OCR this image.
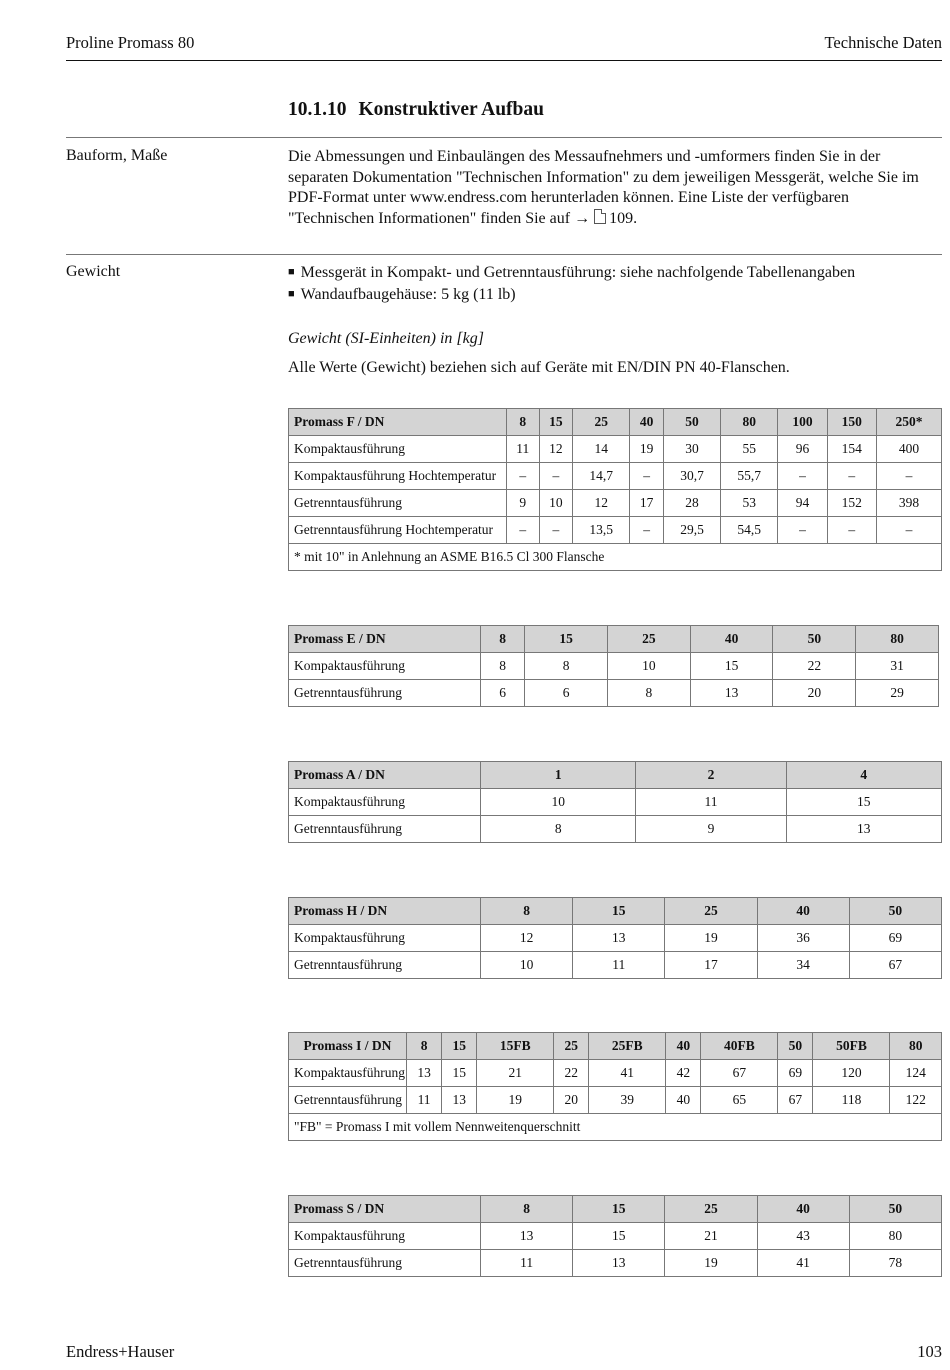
Proline Promass 80	Technische Daten
10.1.10 Konstruktiver Aufbau
Bauform, Maße	Die Abmessungen und Einbaulängen des Messaufnehmers und -umformers finden Sie in der separaten Dokumentation "Technischen Information" zu dem jeweiligen Messgerät, welche Sie im PDF-Format unter www.endress.com herunterladen können. Eine Liste der verfügbaren "Technischen Informationen" finden Sie auf → 109.
Gewicht	■ Messgerät in Kompakt- und Getrenntausführung: siehe nachfolgende Tabellenangaben
■ Wandaufbaugehäuse: 5 kg (11 lb)
Gewicht (SI-Einheiten) in [kg]
Alle Werte (Gewicht) beziehen sich auf Geräte mit EN/DIN PN 40-Flanschen.
Promass F / DN	8	15	25	40	50	80	100	150	250*
Kompaktausführung	11	12	14	19	30	55	96	154	400
Kompaktausführung Hochtemperatur	–	–	14,7	–	30,7	55,7	–	–	–
Getrenntausführung	9	10	12	17	28	53	94	152	398
Getrenntausführung Hochtemperatur	–	–	13,5	–	29,5	54,5	–	–	–
* mit 10" in Anlehnung an ASME B16.5 Cl 300 Flansche									
Promass E / DN	8	15	25	40	50	80
Kompaktausführung	8	8	10	15	22	31
Getrenntausführung	6	6	8	13	20	29
Promass A / DN	1	2	4
Kompaktausführung	10	11	15
Getrenntausführung	8	9	13
Promass H / DN	8	15	25	40	50
Kompaktausführung	12	13	19	36	69
Getrenntausführung	10	11	17	34	67
Promass I / DN	8	15	15FB	25	25FB	40	40FB	50	50FB	80
Kompaktausführung	13	15	21	22	41	42	67	69	120	124
Getrenntausführung	11	13	19	20	39	40	65	67	118	122
"FB" = Promass I mit vollem Nennweitenquerschnitt										
Promass S / DN	8	15	25	40	50
Kompaktausführung	13	15	21	43	80
Getrenntausführung	11	13	19	41	78
Endress+Hauser	103
